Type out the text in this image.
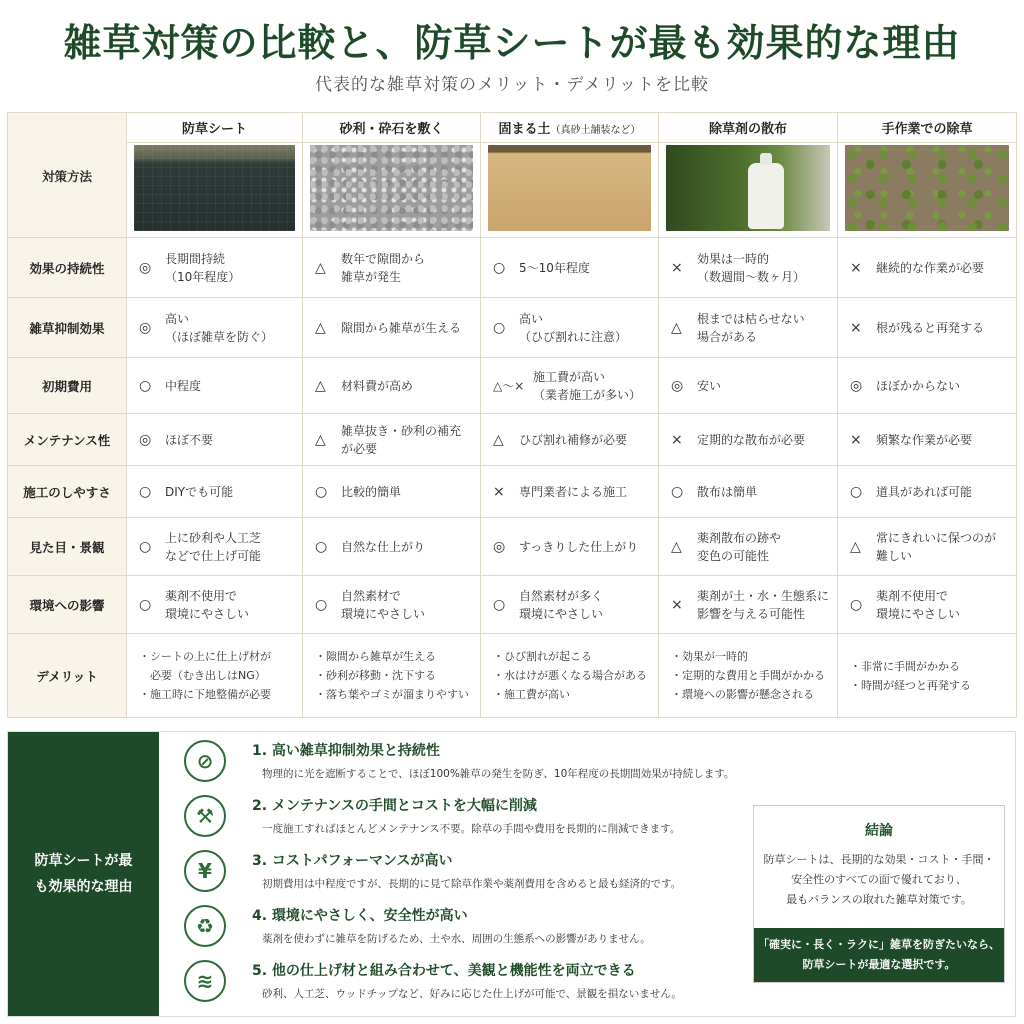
雑草対策の比較と、防草シートが最も効果的な理由
代表的な雑草対策のメリット・デメリットを比較
対策方法	防草シート	砂利・砕石を敷く	固まる土（真砂土舗装など）	除草剤の散布	手作業での除草

効果の持続性	◎
長期間持続
（10年程度）	△
数年で隙間から
雑草が発生	○ 5〜10年程度	×
効果は一時的
（数週間〜数ヶ月）	× 継続的な作業が必要

雑草抑制効果	◎
高い
（ほぼ雑草を防ぐ）	△ 隙間から雑草が生える	○
高い
（ひび割れに注意）	△
根までは枯らせない
場合がある	× 根が残ると再発する

初期費用	○ 中程度	△ 材料費が高め	△〜×
施工費が高い
（業者施工が多い）	◎ 安い	◎ ほぼかからない

メンテナンス性	◎ ほぼ不要	△
雑草抜き・砂利の補充が必要	△ ひび割れ補修が必要	× 定期的な散布が必要	× 頻繁な作業が必要

施工のしやすさ	○ DIYでも可能	○ 比較的簡単	× 専門業者による施工	○ 散布は簡単	○ 道具があれば可能

見た目・景観	○
上に砂利や人工芝
などで仕上げ可能	○ 自然な仕上がり	◎ すっきりした仕上がり	△
薬剤散布の跡や
変色の可能性	△
常にきれいに保つのが
難しい

環境への影響	○
薬剤不使用で
環境にやさしい	○
自然素材で
環境にやさしい	○
自然素材が多く
環境にやさしい	×
薬剤が土・水・生態系に
影響を与える可能性	○
薬剤不使用で
環境にやさしい

デメリット	・シートの上に仕上げ材が
　必要（むき出しはNG）
・施工時に下地整備が必要	・隙間から雑草が生える
・砂利が移動・沈下する
・落ち葉やゴミが溜まりやすい	・ひび割れが起こる
・水はけが悪くなる場合がある
・施工費が高い	・効果が一時的
・定期的な費用と手間がかかる
・環境への影響が懸念される	・非常に手間がかかる
・時間が経つと再発する
防草シートが最
も効果的な理由
⊘	1. 高い雑草抑制効果と持続性
物理的に光を遮断することで、ほぼ100%雑草の発生を防ぎ、10年程度の長期間効果が持続します。
⚒	2. メンテナンスの手間とコストを大幅に削減
一度施工すればほとんどメンテナンス不要。除草の手間や費用を長期的に削減できます。
¥	3. コストパフォーマンスが高い
初期費用は中程度ですが、長期的に見て除草作業や薬剤費用を含めると最も経済的です。
♻	4. 環境にやさしく、安全性が高い
薬剤を使わずに雑草を防げるため、土や水、周囲の生態系への影響がありません。
≋	5. 他の仕上げ材と組み合わせて、美観と機能性を両立できる
砂利、人工芝、ウッドチップなど、好みに応じた仕上げが可能で、景観を損ないません。
結論
防草シートは、長期的な効果・コスト・手間・
安全性のすべての面で優れており、
最もバランスの取れた雑草対策です。
「確実に・長く・ラクに」雑草を防ぎたいなら、
防草シートが最適な選択です。
